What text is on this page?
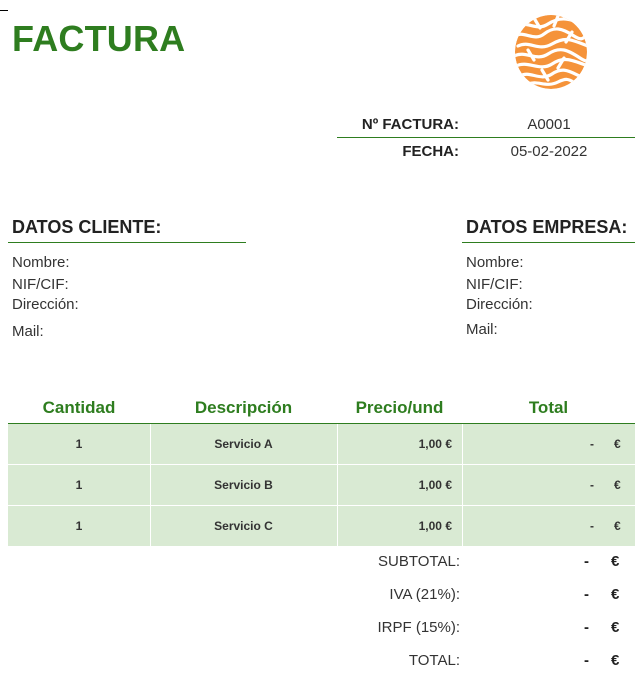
FACTURA
Nº FACTURA:	A0001
FECHA:	05-02-2022
DATOS CLIENTE:
Nombre:
NIF/CIF:
Dirección:
Mail:
DATOS EMPRESA:
Nombre:
NIF/CIF:
Dirección:
Mail:
Cantidad	Descripción	Precio/und	Total
1	Servicio A	1,00 €	- €
1	Servicio B	1,00 €	- €
1	Servicio C	1,00 €	- €
SUBTOTAL:	- €
IVA (21%):	- €
IRPF (15%):	- €
TOTAL:	- €
